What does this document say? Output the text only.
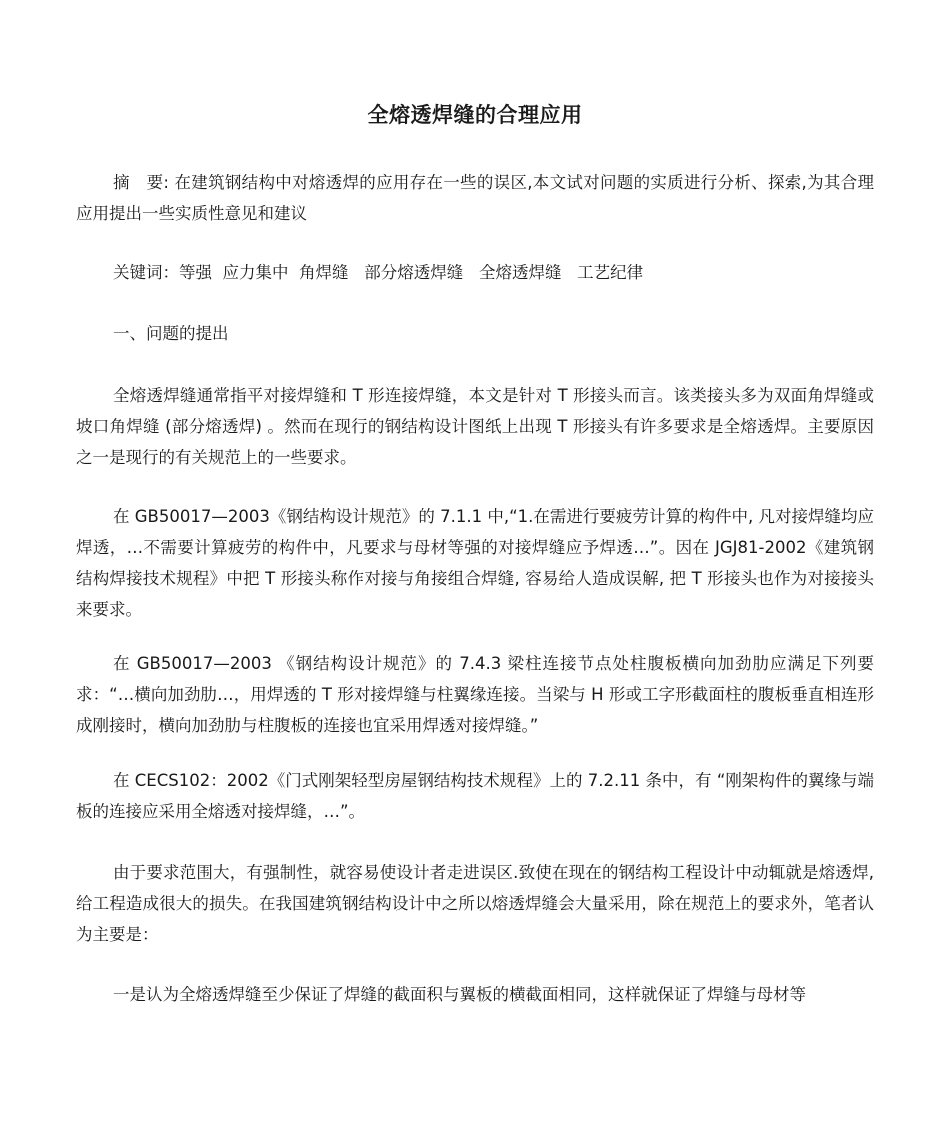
全熔透焊缝的合理应用

摘　要: 在建筑钢结构中对熔透焊的应用存在一些的误区,本文试对问题的实质进行分析、探索,为其合理应用提出一些实质性意见和建议

关键词：等强  应力集中  角焊缝   部分熔透焊缝   全熔透焊缝   工艺纪律

一、问题的提出

全熔透焊缝通常指平对接焊缝和 T 形连接焊缝，本文是针对 T 形接头而言。该类接头多为双面角焊缝或坡口角焊缝 (部分熔透焊) 。然而在现行的钢结构设计图纸上出现 T 形接头有许多要求是全熔透焊。主要原因之一是现行的有关规范上的一些要求。

在 GB50017—2003《钢结构设计规范》的 7.1.1 中,“1.在需进行要疲劳计算的构件中, 凡对接焊缝均应焊透，…不需要计算疲劳的构件中，凡要求与母材等强的对接焊缝应予焊透…”。因在 JGJ81-2002《建筑钢结构焊接技术规程》中把 T 形接头称作对接与角接组合焊缝, 容易给人造成误解, 把 T 形接头也作为对接接头来要求。

在 GB50017—2003 《钢结构设计规范》的 7.4.3 梁柱连接节点处柱腹板横向加劲肋应满足下列要求：“…横向加劲肋…，用焊透的 T 形对接焊缝与柱翼缘连接。当梁与 H 形或工字形截面柱的腹板垂直相连形成刚接时，横向加劲肋与柱腹板的连接也宜采用焊透对接焊缝。”

在 CECS102：2002《门式刚架轻型房屋钢结构技术规程》上的 7.2.11 条中，有 “刚架构件的翼缘与端板的连接应采用全熔透对接焊缝，…”。

由于要求范围大，有强制性，就容易使设计者走进误区.致使在现在的钢结构工程设计中动辄就是熔透焊,给工程造成很大的损失。在我国建筑钢结构设计中之所以熔透焊缝会大量采用，除在规范上的要求外，笔者认为主要是：

一是认为全熔透焊缝至少保证了焊缝的截面积与翼板的横截面相同，这样就保证了焊缝与母材等
